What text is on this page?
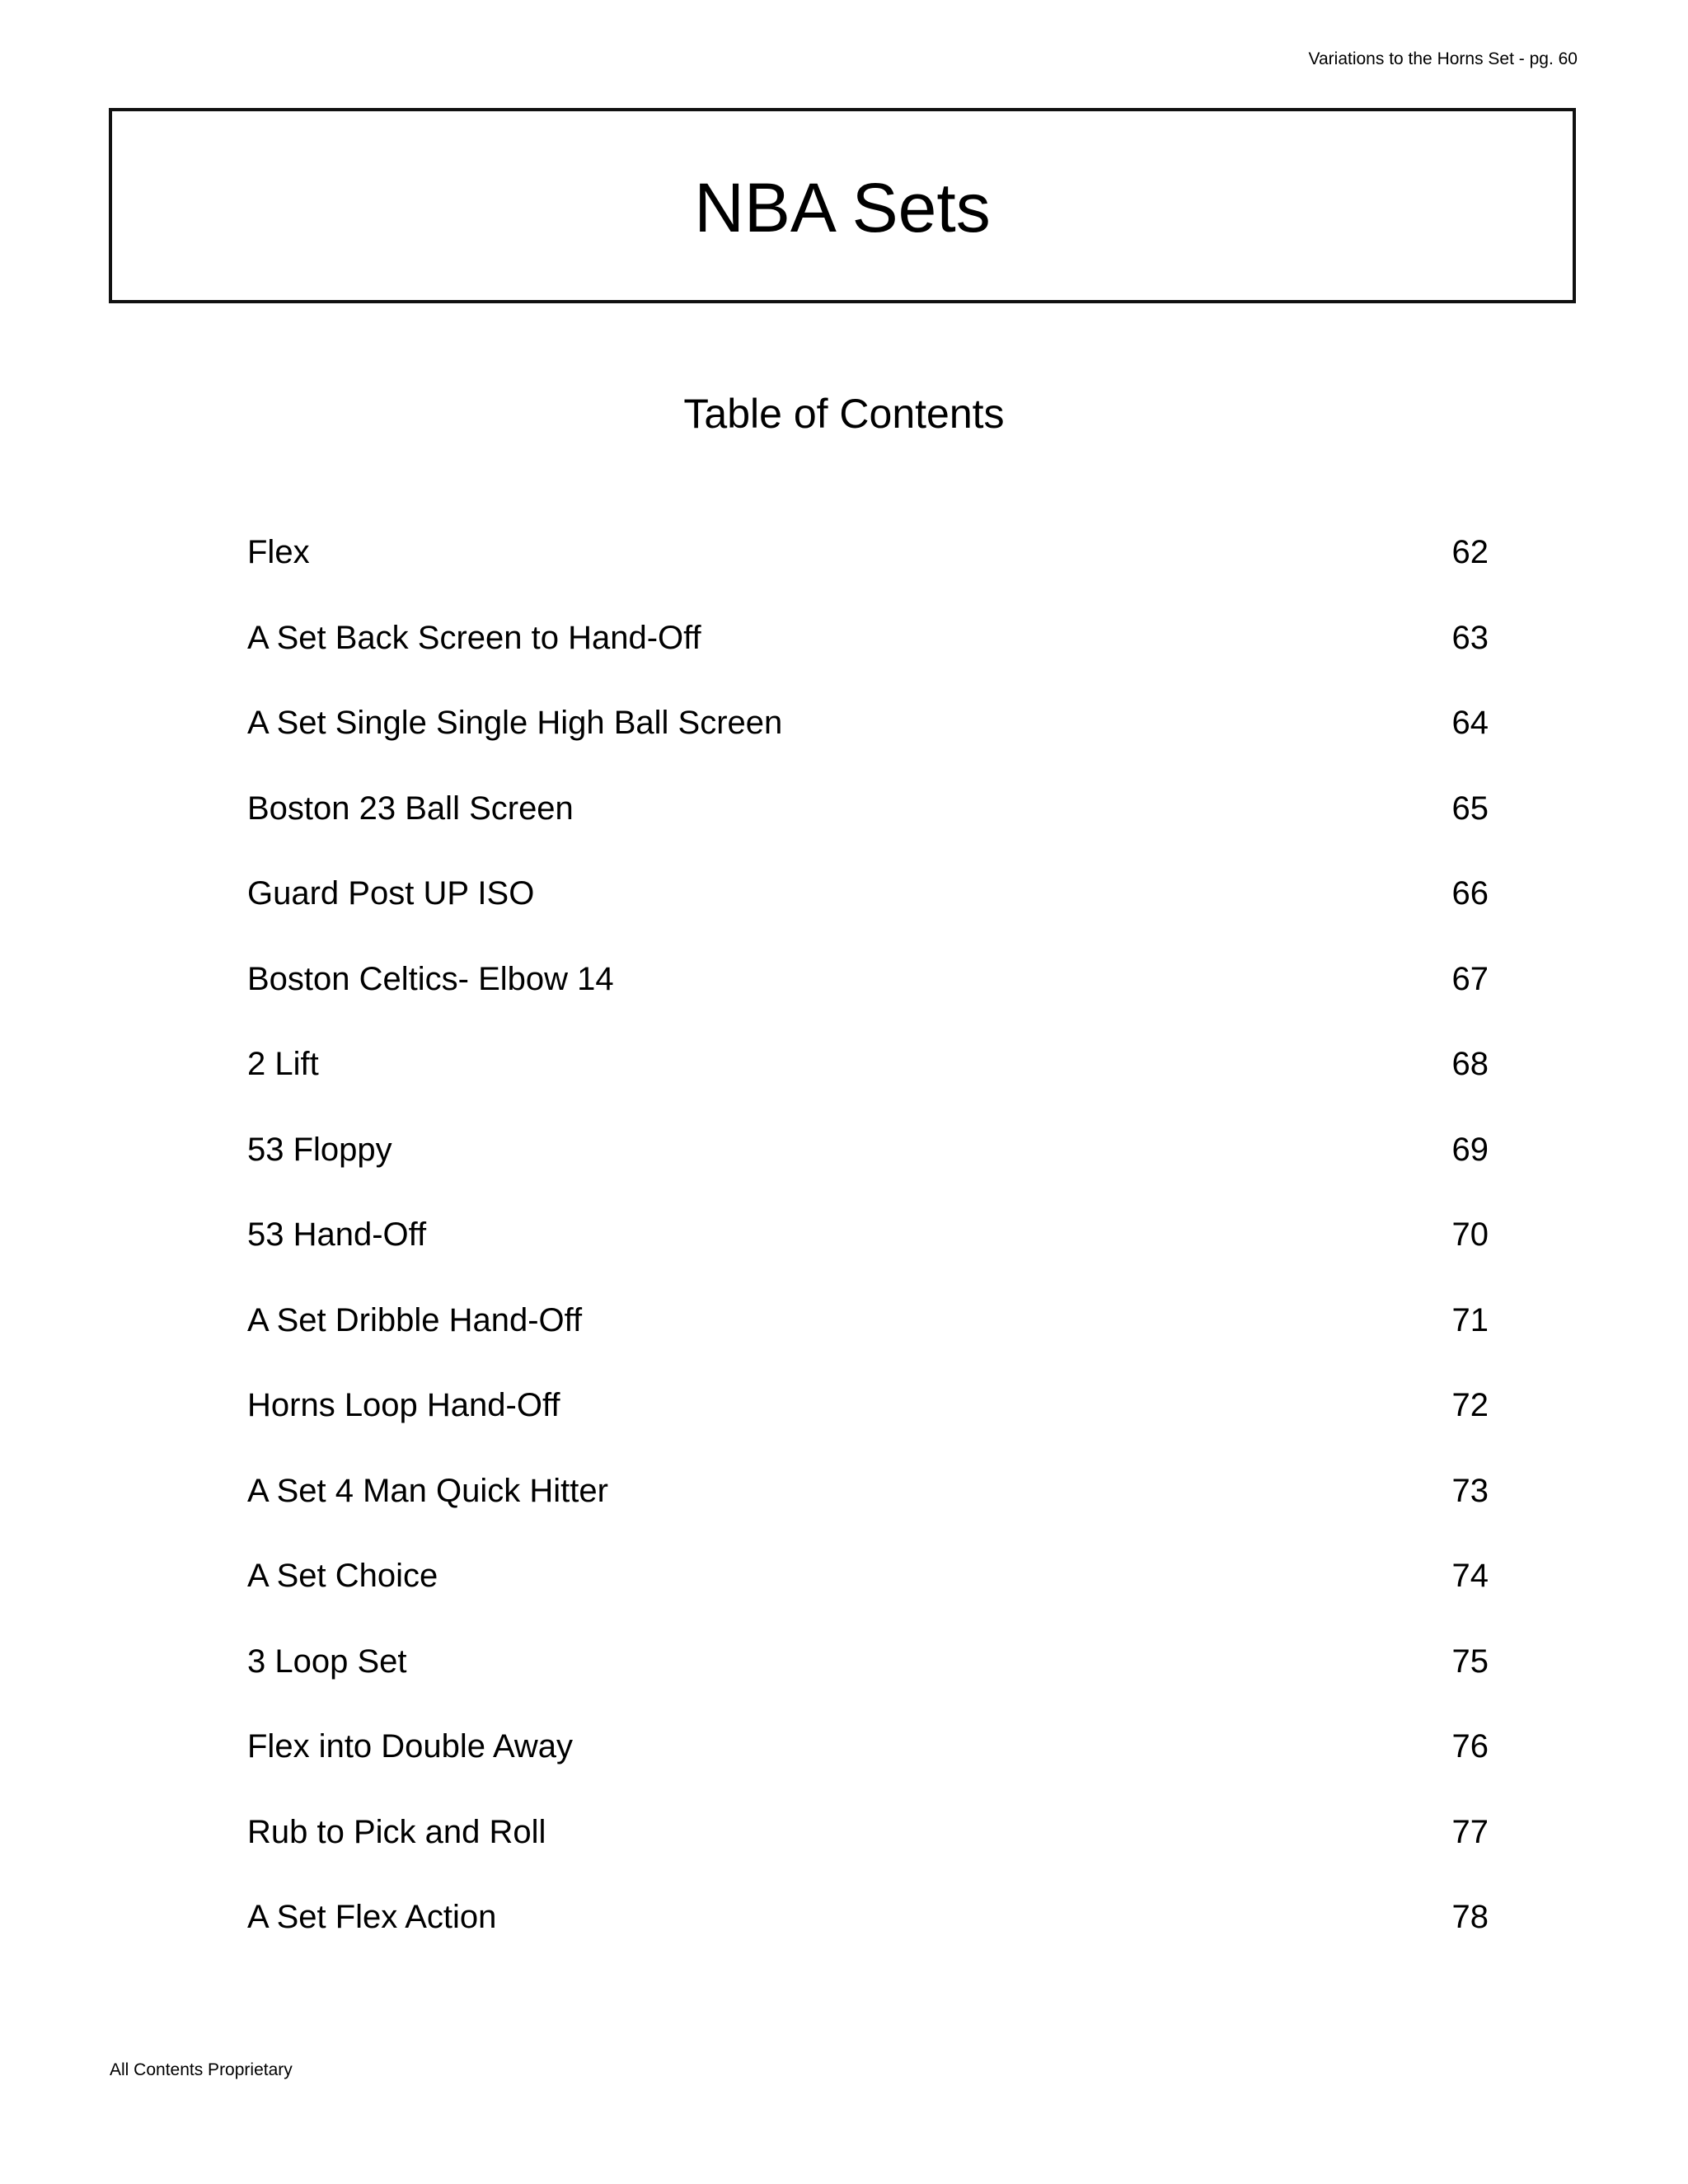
Variations to the Horns Set - pg. 60
NBA Sets
Table of Contents
Flex	62
A Set Back Screen to Hand-Off	63
A Set Single Single High Ball Screen	64
Boston 23 Ball Screen	65
Guard Post UP ISO	66
Boston Celtics- Elbow 14	67
2 Lift	68
53 Floppy	69
53 Hand-Off	70
A Set Dribble Hand-Off	71
Horns Loop Hand-Off	72
A Set 4 Man Quick Hitter	73
A Set Choice	74
3 Loop Set	75
Flex into Double Away	76
Rub to Pick and Roll	77
A Set Flex Action	78
All Contents Proprietary
